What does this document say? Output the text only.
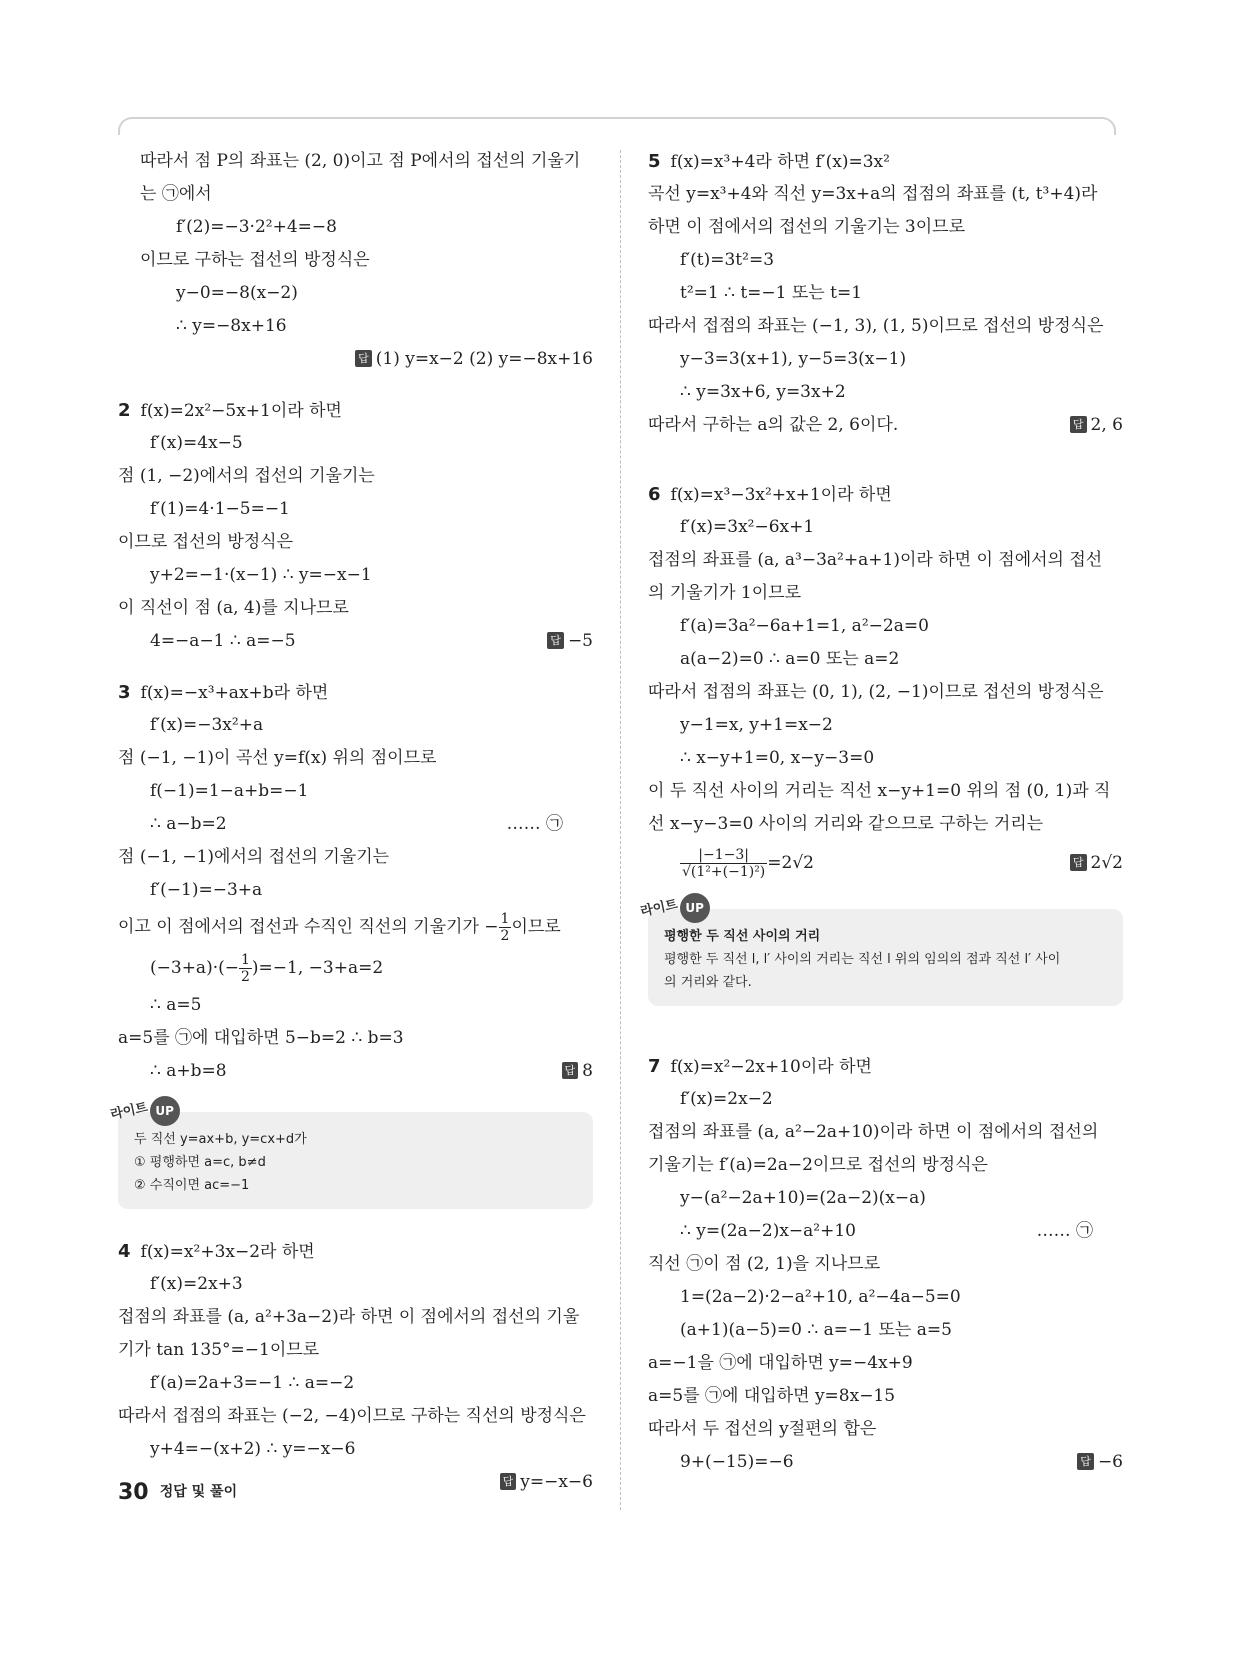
따라서 점 P의 좌표는 (2, 0)이고 점 P에서의 접선의 기울기
는 ㉠에서
f′(2)=−3·2²+4=−8
이므로 구하는 접선의 방정식은
y−0=−8(x−2)
∴ y=−8x+16
답 (1) y=x−2 (2) y=−8x+16
2 f(x)=2x²−5x+1이라 하면
f′(x)=4x−5
점 (1, −2)에서의 접선의 기울기는
f′(1)=4·1−5=−1
이므로 접선의 방정식은
y+2=−1·(x−1) ∴ y=−x−1
이 직선이 점 (a, 4)를 지나므로
4=−a−1 ∴ a=−5	답 −5
3 f(x)=−x³+ax+b라 하면
f′(x)=−3x²+a
점 (−1, −1)이 곡선 y=f(x) 위의 점이므로
f(−1)=1−a+b=−1
∴ a−b=2	…… ㉠
점 (−1, −1)에서의 접선의 기울기는
f′(−1)=−3+a
이고 이 점에서의 접선과 수직인 직선의 기울기가 − $\frac{1}{2}$ 이므로
$(-3+a)\cdot(- \frac{1}{2} )=-1$, −3+a=2
∴ a=5
a=5를 ㉠에 대입하면 5−b=2 ∴ b=3
∴ a+b=8	답 8
라이트 UP
두 직선 y=ax+b, y=cx+d가
① 평행하면 a=c, b≠d
② 수직이면 ac=−1
4 f(x)=x²+3x−2라 하면
f′(x)=2x+3
접점의 좌표를 (a, a²+3a−2)라 하면 이 점에서의 접선의 기울
기가 tan 135°=−1이므로
f′(a)=2a+3=−1 ∴ a=−2
따라서 접점의 좌표는 (−2, −4)이므로 구하는 직선의 방정식은
y+4=−(x+2) ∴ y=−x−6
답 y=−x−6
5 f(x)=x³+4라 하면 f′(x)=3x²
곡선 y=x³+4와 직선 y=3x+a의 접점의 좌표를 (t, t³+4)라
하면 이 점에서의 접선의 기울기는 3이므로
f′(t)=3t²=3
t²=1 ∴ t=−1 또는 t=1
따라서 접점의 좌표는 (−1, 3), (1, 5)이므로 접선의 방정식은
y−3=3(x+1), y−5=3(x−1)
∴ y=3x+6, y=3x+2
따라서 구하는 a의 값은 2, 6이다.	답 2, 6
6 f(x)=x³−3x²+x+1이라 하면
f′(x)=3x²−6x+1
접점의 좌표를 (a, a³−3a²+a+1)이라 하면 이 점에서의 접선
의 기울기가 1이므로
f′(a)=3a²−6a+1=1, a²−2a=0
a(a−2)=0 ∴ a=0 또는 a=2
따라서 접점의 좌표는 (0, 1), (2, −1)이므로 접선의 방정식은
y−1=x, y+1=x−2
∴ x−y+1=0, x−y−3=0
이 두 직선 사이의 거리는 직선 x−y+1=0 위의 점 (0, 1)과 직
선 x−y−3=0 사이의 거리와 같으므로 구하는 거리는
$\frac{|-1-3|}{\text{√(1²+(−1)²)}} =2√2$	답 2√2
라이트 UP
평행한 두 직선 사이의 거리
평행한 두 직선 l, l′ 사이의 거리는 직선 l 위의 임의의 점과 직선 l′ 사이
의 거리와 같다.
7 f(x)=x²−2x+10이라 하면
f′(x)=2x−2
접점의 좌표를 (a, a²−2a+10)이라 하면 이 점에서의 접선의
기울기는 f′(a)=2a−2이므로 접선의 방정식은
y−(a²−2a+10)=(2a−2)(x−a)
∴ y=(2a−2)x−a²+10	…… ㉠
직선 ㉠이 점 (2, 1)을 지나므로
1=(2a−2)·2−a²+10, a²−4a−5=0
(a+1)(a−5)=0 ∴ a=−1 또는 a=5
a=−1을 ㉠에 대입하면 y=−4x+9
a=5를 ㉠에 대입하면 y=8x−15
따라서 두 접선의 y절편의 합은
9+(−15)=−6	답 −6
30 정답 및 풀이
